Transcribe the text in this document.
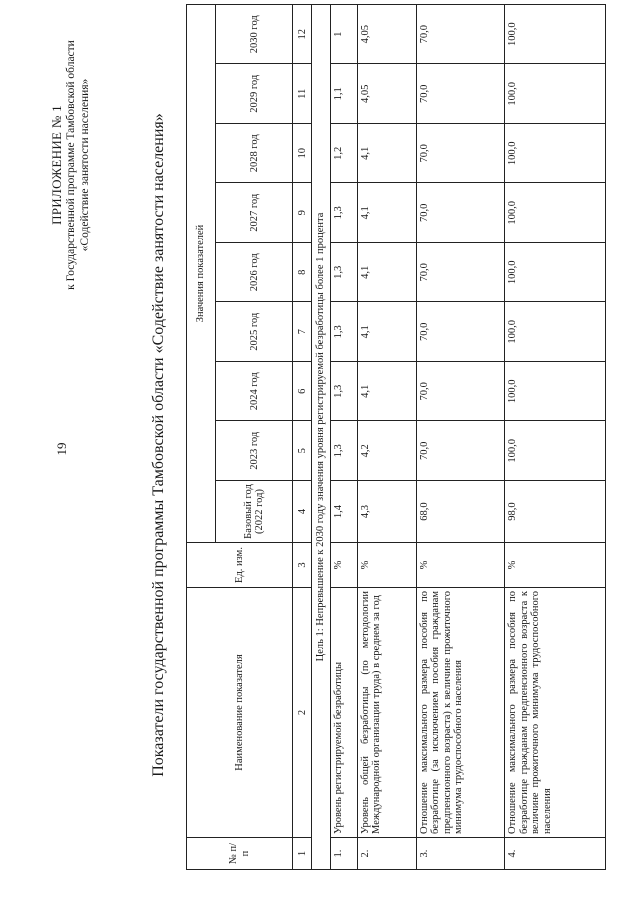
19
ПРИЛОЖЕНИЕ № 1 к Государственной программе Тамбовской области «Содействие занятости населения»	Показатели государственной программы Тамбовской области «Содействие занятости населения»
№ п/п	Наименование показателя	Ед. изм.	Значения показателей								
			Базовый год (2022 год)	2023 год	2024 год	2025 год	2026 год	2027 год	2028 год	2029 год	2030 год
1	2	3	4	5	6	7	8	9	10	11	12
Цель 1: Непревышение к 2030 году значения уровня регистрируемой безработицы более 1 процента											
1.	Уровень регистрируемой безработицы	%	1,4	1,3	1,3	1,3	1,3	1,3	1,2	1,1	1
2.	Уровень общей безработицы (по методологии Международной организации труда) в среднем за год	%	4,3	4,2	4,1	4,1	4,1	4,1	4,1	4,05	4,05
3.	Отношение максимального размера пособия по безработице (за исключением пособия гражданам предпенсионного возраста) к величине прожиточного минимума трудоспособного населения	%	68,0	70,0	70,0	70,0	70,0	70,0	70,0	70,0	70,0
4.	Отношение максимального размера пособия по безработице гражданам предпенсионного возраста к величине прожиточного минимума трудоспособного населения	%	98,0	100,0	100,0	100,0	100,0	100,0	100,0	100,0	100,0
